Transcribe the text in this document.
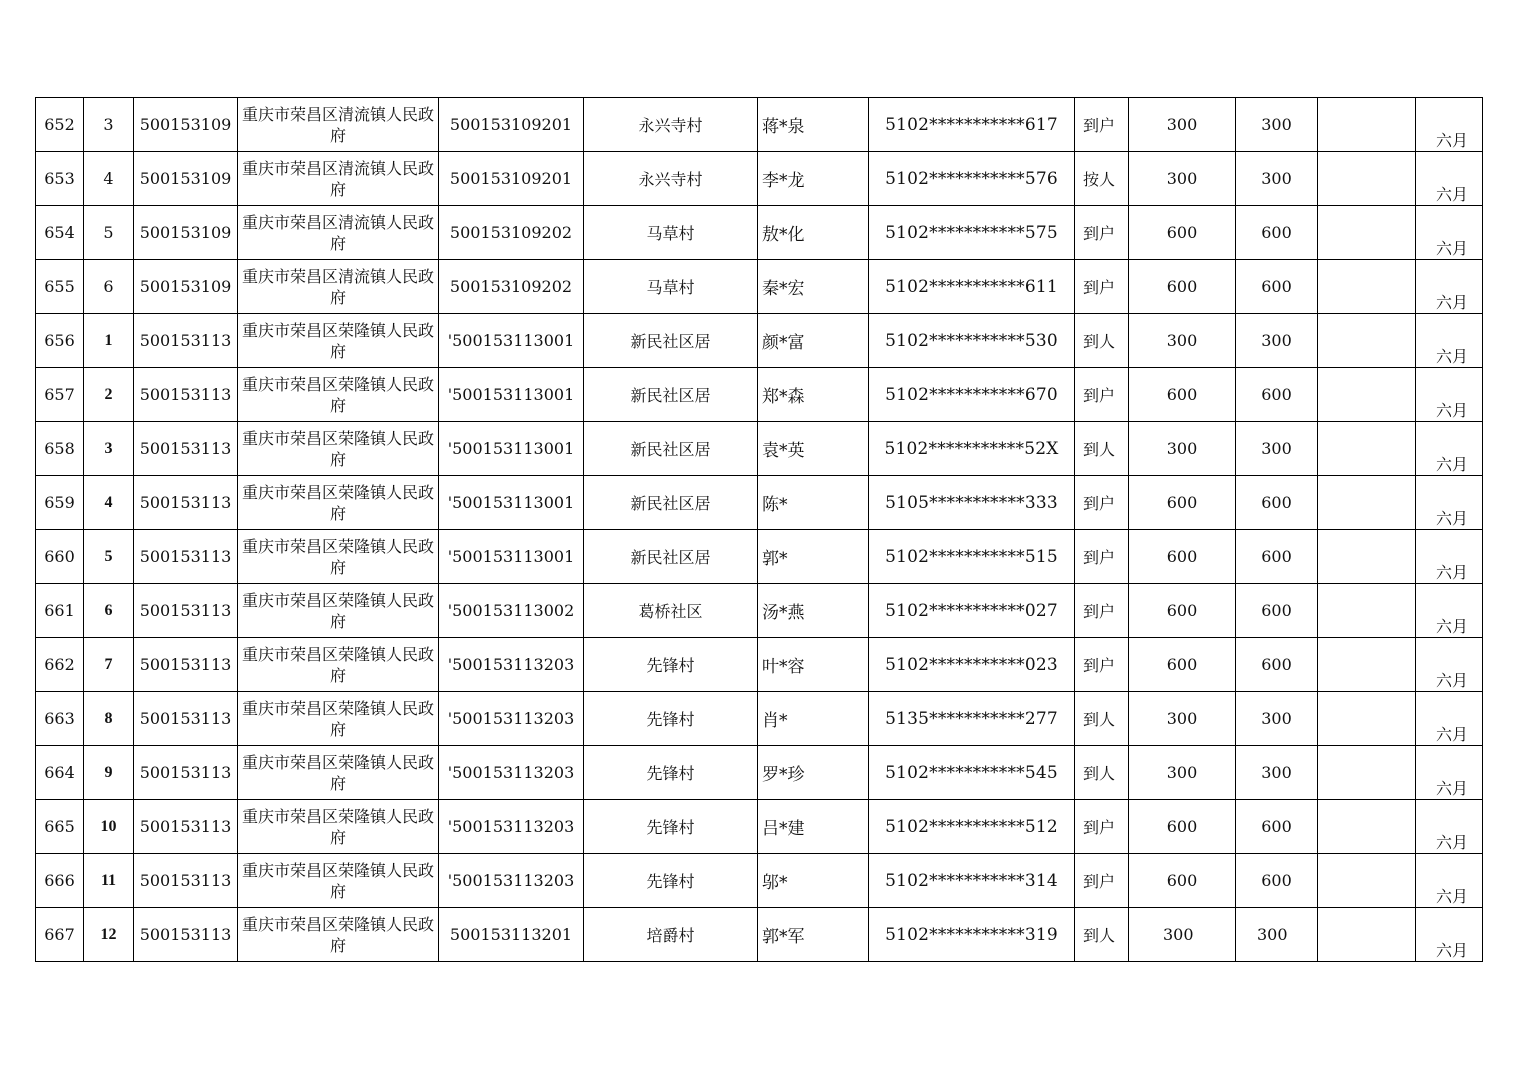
652	3	500153109	重庆市荣昌区清流镇人民政府	500153109201	永兴寺村	蒋*泉	5102***********617	到户	300	300		六月
653	4	500153109	重庆市荣昌区清流镇人民政府	500153109201	永兴寺村	李*龙	5102***********576	按人	300	300		六月
654	5	500153109	重庆市荣昌区清流镇人民政府	500153109202	马草村	敖*化	5102***********575	到户	600	600		六月
655	6	500153109	重庆市荣昌区清流镇人民政府	500153109202	马草村	秦*宏	5102***********611	到户	600	600		六月
656	1	500153113	重庆市荣昌区荣隆镇人民政府	'500153113001	新民社区居	颜*富	5102***********530	到人	300	300		六月
657	2	500153113	重庆市荣昌区荣隆镇人民政府	'500153113001	新民社区居	郑*森	5102***********670	到户	600	600		六月
658	3	500153113	重庆市荣昌区荣隆镇人民政府	'500153113001	新民社区居	袁*英	5102***********52X	到人	300	300		六月
659	4	500153113	重庆市荣昌区荣隆镇人民政府	'500153113001	新民社区居	陈*	5105***********333	到户	600	600		六月
660	5	500153113	重庆市荣昌区荣隆镇人民政府	'500153113001	新民社区居	郭*	5102***********515	到户	600	600		六月
661	6	500153113	重庆市荣昌区荣隆镇人民政府	'500153113002	葛桥社区	汤*燕	5102***********027	到户	600	600		六月
662	7	500153113	重庆市荣昌区荣隆镇人民政府	'500153113203	先锋村	叶*容	5102***********023	到户	600	600		六月
663	8	500153113	重庆市荣昌区荣隆镇人民政府	'500153113203	先锋村	肖*	5135***********277	到人	300	300		六月
664	9	500153113	重庆市荣昌区荣隆镇人民政府	'500153113203	先锋村	罗*珍	5102***********545	到人	300	300		六月
665	10	500153113	重庆市荣昌区荣隆镇人民政府	'500153113203	先锋村	吕*建	5102***********512	到户	600	600		六月
666	11	500153113	重庆市荣昌区荣隆镇人民政府	'500153113203	先锋村	邬*	5102***********314	到户	600	600		六月
667	12	500153113	重庆市荣昌区荣隆镇人民政府	500153113201	培爵村	郭*军	5102***********319	到人	300	300		六月
